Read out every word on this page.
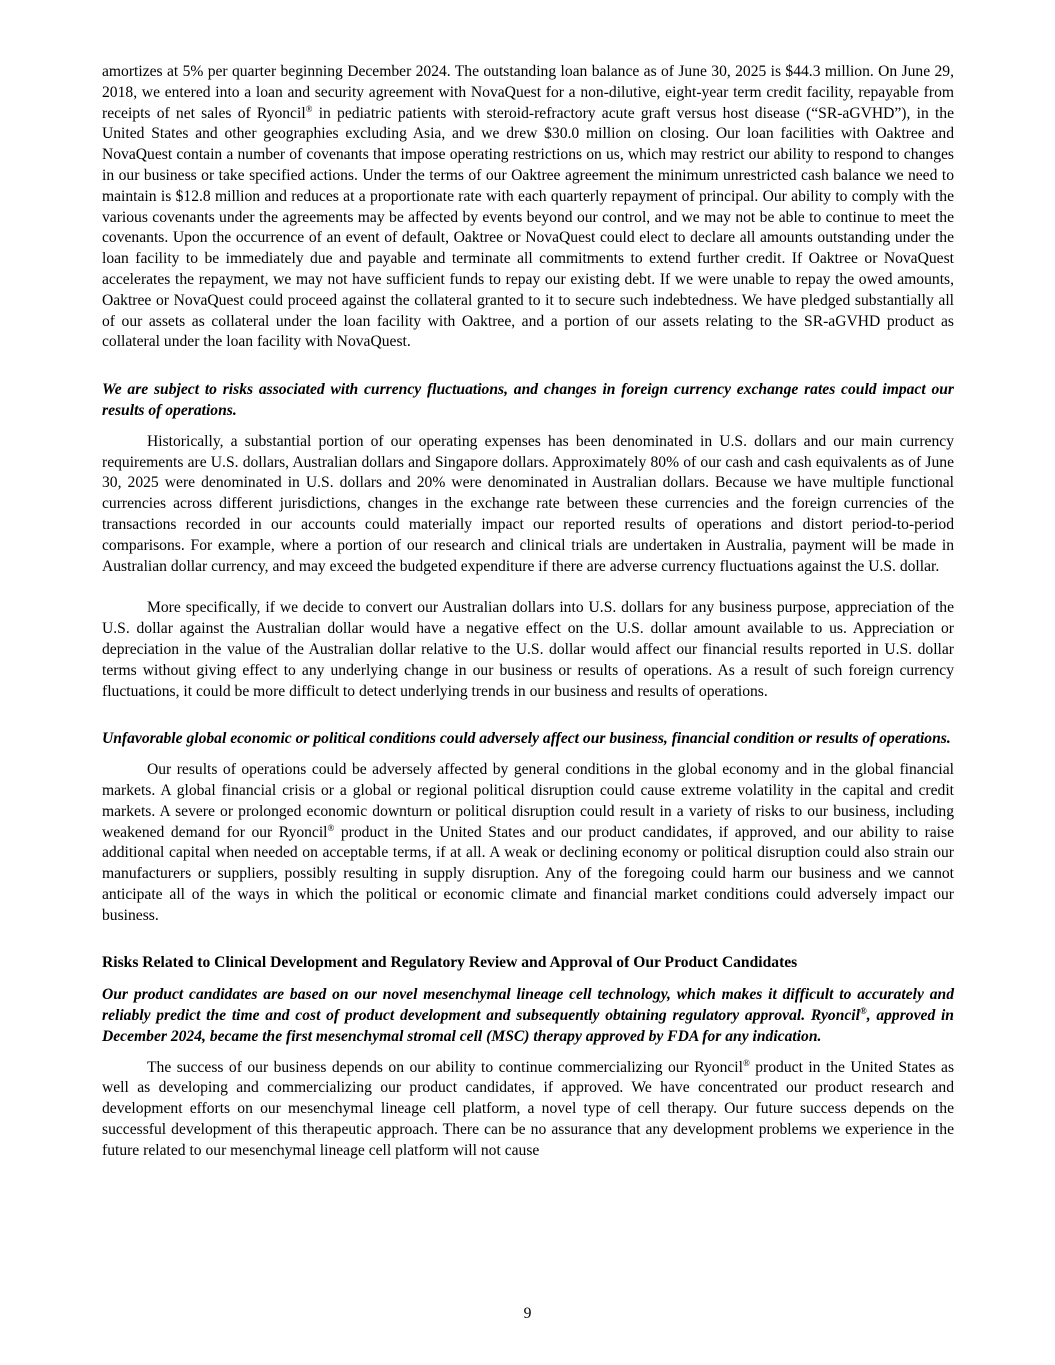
amortizes at 5% per quarter beginning December 2024. The outstanding loan balance as of June 30, 2025 is $44.3 million. On June 29, 2018, we entered into a loan and security agreement with NovaQuest for a non-dilutive, eight-year term credit facility, repayable from receipts of net sales of Ryoncil® in pediatric patients with steroid-refractory acute graft versus host disease (“SR-aGVHD”), in the United States and other geographies excluding Asia, and we drew $30.0 million on closing. Our loan facilities with Oaktree and NovaQuest contain a number of covenants that impose operating restrictions on us, which may restrict our ability to respond to changes in our business or take specified actions. Under the terms of our Oaktree agreement the minimum unrestricted cash balance we need to maintain is $12.8 million and reduces at a proportionate rate with each quarterly repayment of principal. Our ability to comply with the various covenants under the agreements may be affected by events beyond our control, and we may not be able to continue to meet the covenants. Upon the occurrence of an event of default, Oaktree or NovaQuest could elect to declare all amounts outstanding under the loan facility to be immediately due and payable and terminate all commitments to extend further credit. If Oaktree or NovaQuest accelerates the repayment, we may not have sufficient funds to repay our existing debt. If we were unable to repay the owed amounts, Oaktree or NovaQuest could proceed against the collateral granted to it to secure such indebtedness. We have pledged substantially all of our assets as collateral under the loan facility with Oaktree, and a portion of our assets relating to the SR-aGVHD product as collateral under the loan facility with NovaQuest.

We are subject to risks associated with currency fluctuations, and changes in foreign currency exchange rates could impact our results of operations.

Historically, a substantial portion of our operating expenses has been denominated in U.S. dollars and our main currency requirements are U.S. dollars, Australian dollars and Singapore dollars. Approximately 80% of our cash and cash equivalents as of June 30, 2025 were denominated in U.S. dollars and 20% were denominated in Australian dollars. Because we have multiple functional currencies across different jurisdictions, changes in the exchange rate between these currencies and the foreign currencies of the transactions recorded in our accounts could materially impact our reported results of operations and distort period-to-period comparisons. For example, where a portion of our research and clinical trials are undertaken in Australia, payment will be made in Australian dollar currency, and may exceed the budgeted expenditure if there are adverse currency fluctuations against the U.S. dollar.

More specifically, if we decide to convert our Australian dollars into U.S. dollars for any business purpose, appreciation of the U.S. dollar against the Australian dollar would have a negative effect on the U.S. dollar amount available to us. Appreciation or depreciation in the value of the Australian dollar relative to the U.S. dollar would affect our financial results reported in U.S. dollar terms without giving effect to any underlying change in our business or results of operations. As a result of such foreign currency fluctuations, it could be more difficult to detect underlying trends in our business and results of operations.

Unfavorable global economic or political conditions could adversely affect our business, financial condition or results of operations.

Our results of operations could be adversely affected by general conditions in the global economy and in the global financial markets. A global financial crisis or a global or regional political disruption could cause extreme volatility in the capital and credit markets. A severe or prolonged economic downturn or political disruption could result in a variety of risks to our business, including weakened demand for our Ryoncil® product in the United States and our product candidates, if approved, and our ability to raise additional capital when needed on acceptable terms, if at all. A weak or declining economy or political disruption could also strain our manufacturers or suppliers, possibly resulting in supply disruption. Any of the foregoing could harm our business and we cannot anticipate all of the ways in which the political or economic climate and financial market conditions could adversely impact our business.

Risks Related to Clinical Development and Regulatory Review and Approval of Our Product Candidates

Our product candidates are based on our novel mesenchymal lineage cell technology, which makes it difficult to accurately and reliably predict the time and cost of product development and subsequently obtaining regulatory approval. Ryoncil®, approved in December 2024, became the first mesenchymal stromal cell (MSC) therapy approved by FDA for any indication.

The success of our business depends on our ability to continue commercializing our Ryoncil® product in the United States as well as developing and commercializing our product candidates, if approved. We have concentrated our product research and development efforts on our mesenchymal lineage cell platform, a novel type of cell therapy. Our future success depends on the successful development of this therapeutic approach. There can be no assurance that any development problems we experience in the future related to our mesenchymal lineage cell platform will not cause

9
